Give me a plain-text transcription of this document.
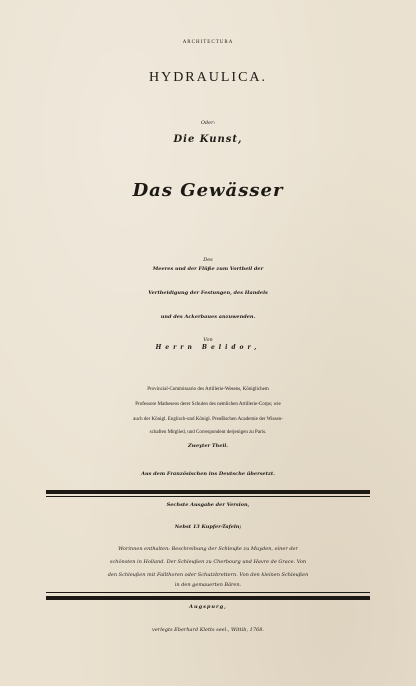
ARCHITECTURA
HYDRAULICA.
Oder:
Die Kunst,
Das Gewässer
Des
Meeres und der Flüße zum Vortheil der
Vertheidigung der Festungen, des Handels
und des Ackerbaues anzuwenden.
Von
Herrn Belidor,
Provincial-Commissario des Artillerie-Wesens, Königlichem
Professore Matheseos derer Schulen des nemlichen Artillerie-Corps; wie
auch der Königl. Englisch-und Königl. Preußischen Academie der Wissen-
schaften Mitglied, und Correspondent derjenigen zu Paris.
Zweyter Theil.
Aus dem Französischen ins Deutsche übersetzt.
Sechste Ausgabe der Version,
Nebst 13 Kupfer-Tafeln;
Worinnen enthalten: Beschreibung der Schleuße zu Muyden, einer der
schönsten in Holland. Der Schleußen zu Cherbourg und Havre de Grace. Von
den Schleußen mit Fallthoren oder Schutzbrettern. Von den kleinen Schleußen
in den gemauerten Bären.
Augspurg,
verlegts Eberhard Kletts seel., Wittib, 1768.
